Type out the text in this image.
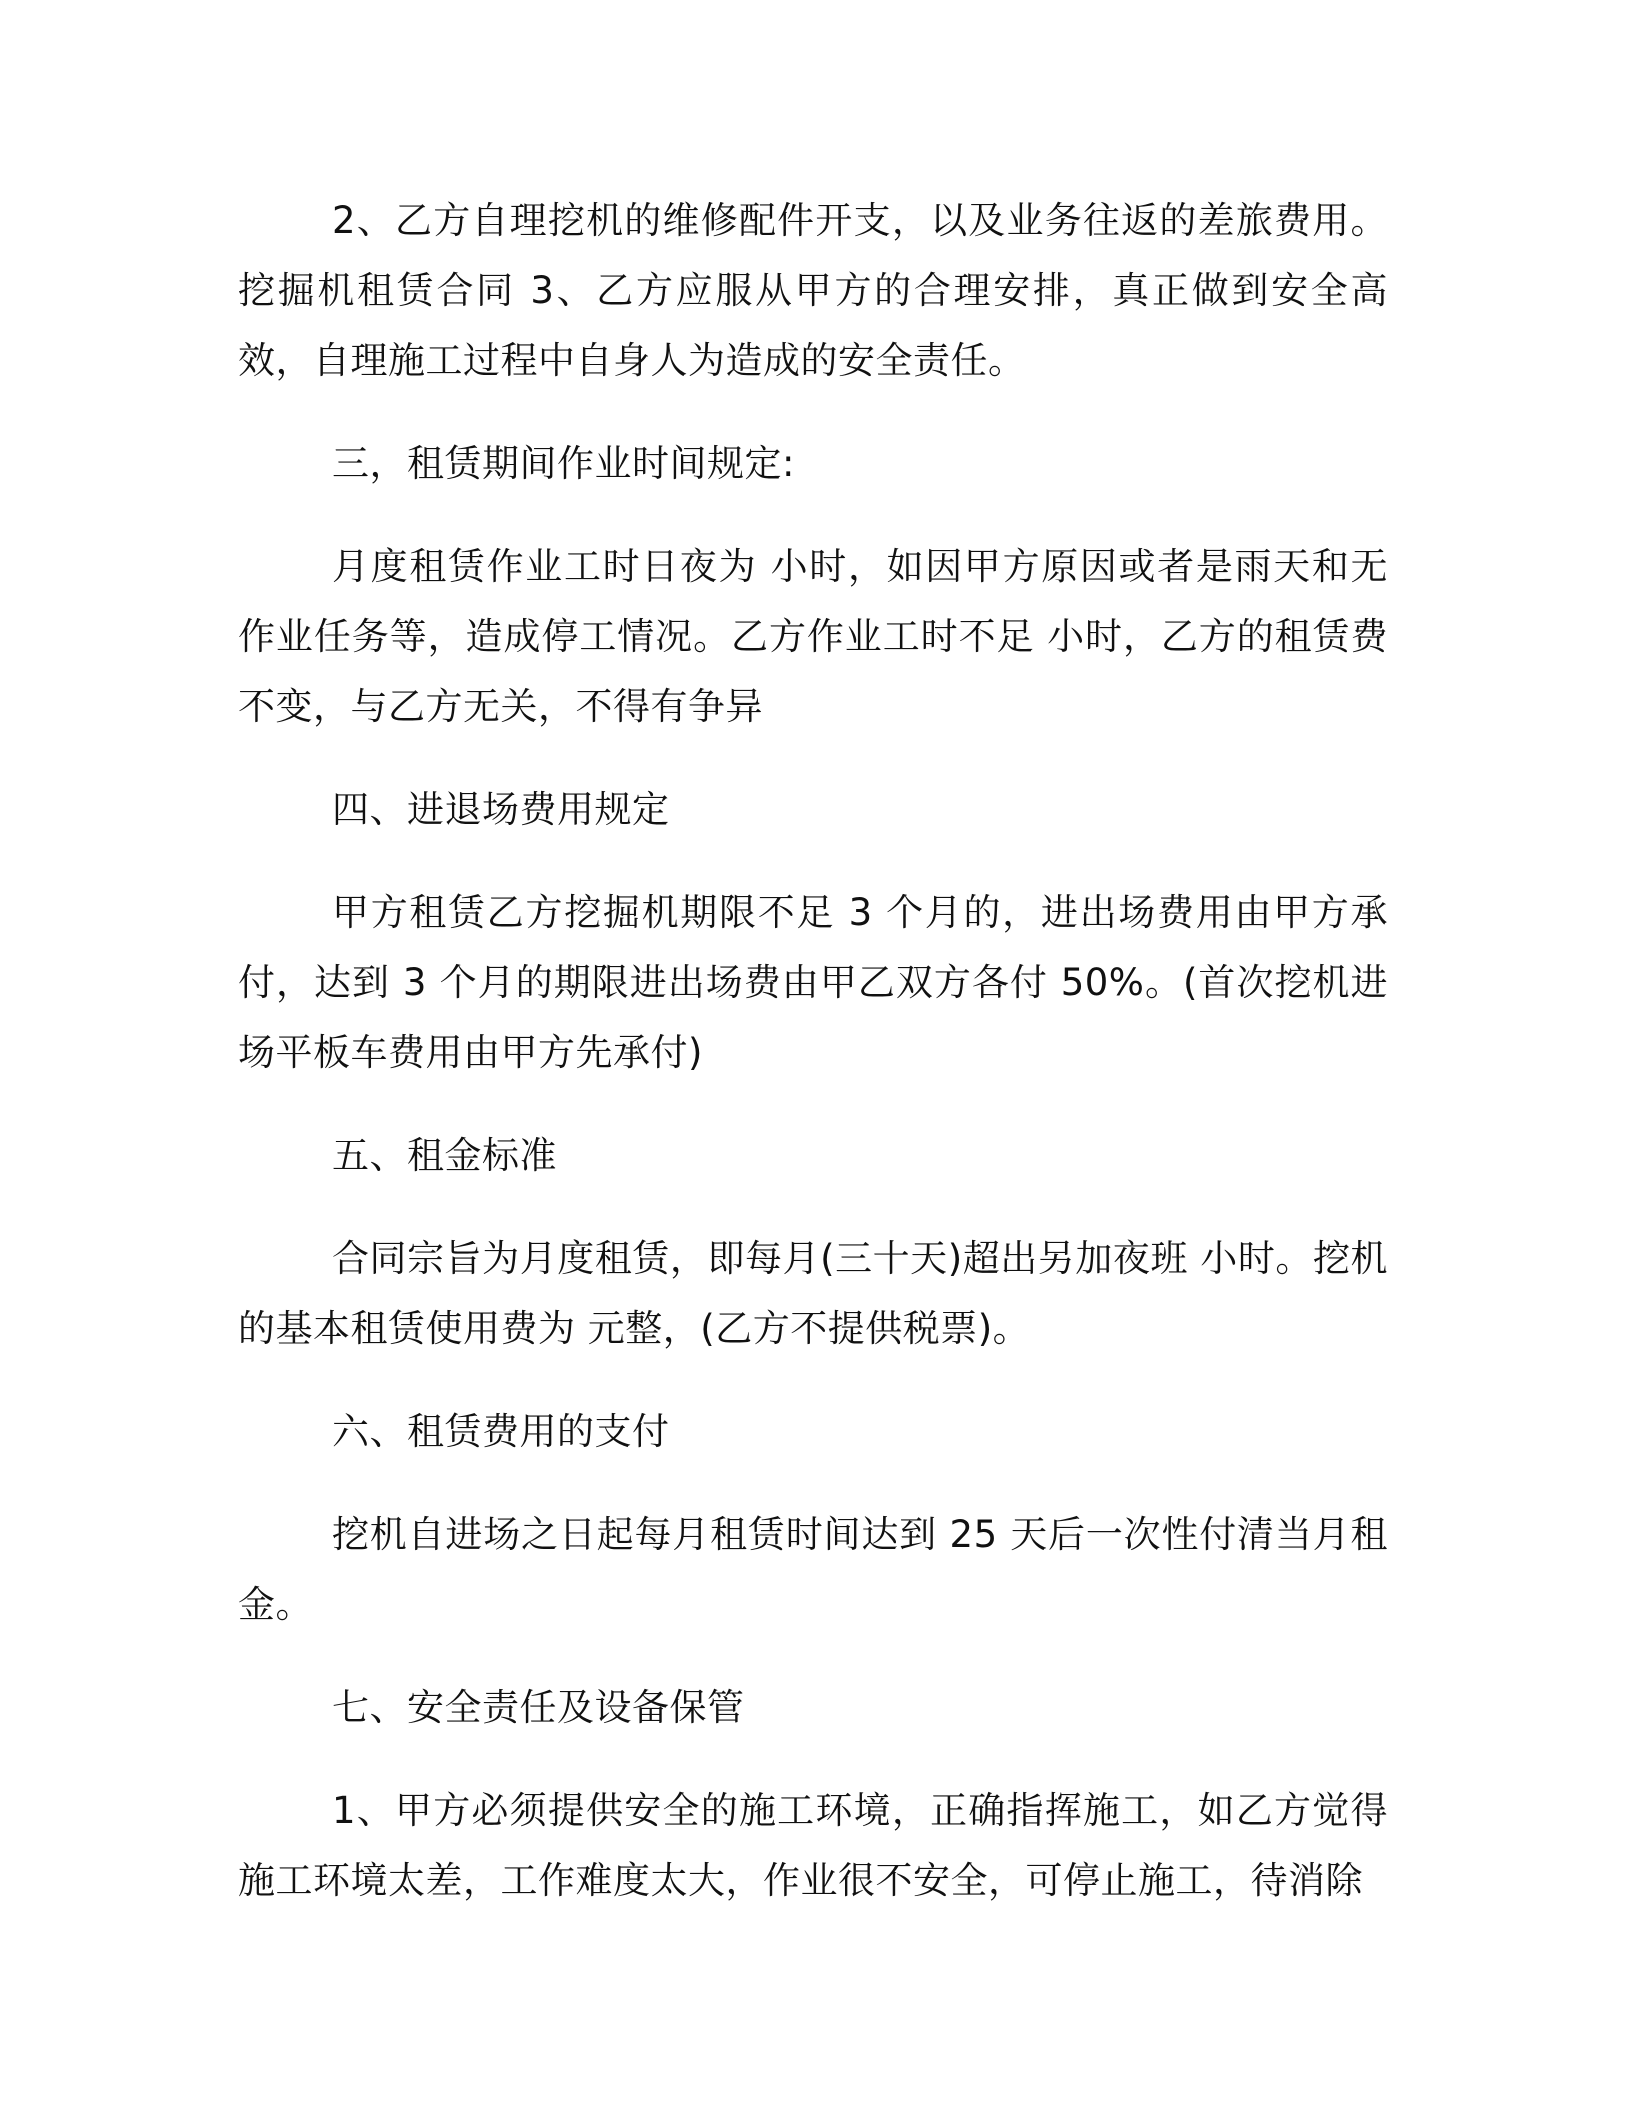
2、乙方自理挖机的维修配件开支，以及业务往返的差旅费用。挖掘机租赁合同 3、乙方应服从甲方的合理安排，真正做到安全高效，自理施工过程中自身人为造成的安全责任。

三，租赁期间作业时间规定:

月度租赁作业工时日夜为 小时，如因甲方原因或者是雨天和无作业任务等，造成停工情况。乙方作业工时不足 小时，乙方的租赁费不变，与乙方无关，不得有争异

四、进退场费用规定

甲方租赁乙方挖掘机期限不足 3 个月的，进出场费用由甲方承付，达到 3 个月的期限进出场费由甲乙双方各付 50%。(首次挖机进场平板车费用由甲方先承付)

五、租金标准

合同宗旨为月度租赁，即每月(三十天)超出另加夜班 小时。挖机的基本租赁使用费为 元整，(乙方不提供税票)。

六、租赁费用的支付

挖机自进场之日起每月租赁时间达到 25 天后一次性付清当月租金。

七、安全责任及设备保管

1、甲方必须提供安全的施工环境，正确指挥施工，如乙方觉得施工环境太差，工作难度太大，作业很不安全，可停止施工，待消除
